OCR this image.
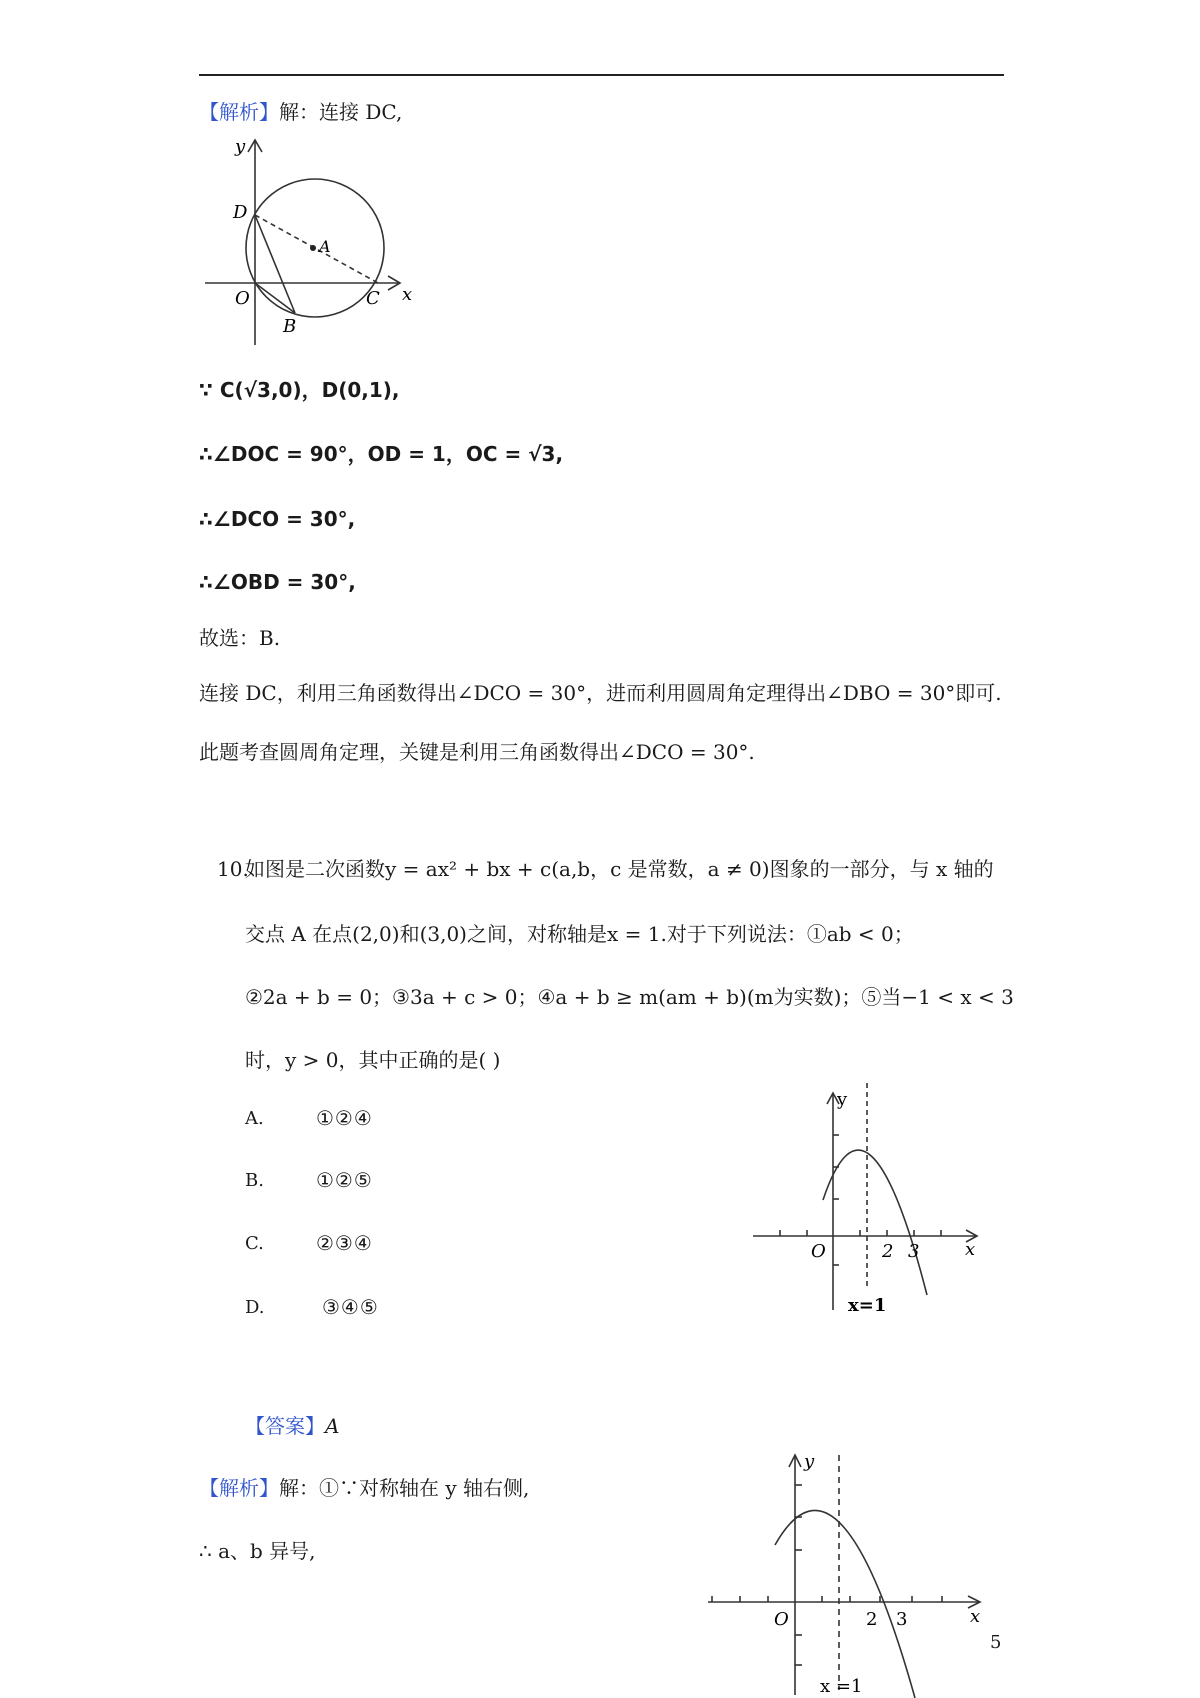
【解析】解：连接 DC,
y
D
A
O	C x
B
∵ C(√3,0)，D(0,1),
∴∠DOC = 90°，OD = 1，OC = √3,
∴∠DCO = 30°,
∴∠OBD = 30°,
故选：B.
连接 DC，利用三角函数得出∠DCO = 30°，进而利用圆周角定理得出∠DBO = 30°即可.
此题考查圆周角定理，关键是利用三角函数得出∠DCO = 30°.
10.
如图是二次函数y = ax² + bx + c(a,b，c 是常数，a ≠ 0)图象的一部分，与 x 轴的
交点 A 在点(2,0)和(3,0)之间，对称轴是x = 1.对于下列说法：①ab < 0；
②2a + b = 0；③3a + c > 0；④a + b ≥ m(am + b)(m为实数)；⑤当−1 < x < 3
时，y > 0，其中正确的是( )
A.	①②④
B.	①②⑤
C.	②③④
D.	③④⑤
y
O	2 3	x
x=1
【答案】A
【解析】解：①∵对称轴在 y 轴右侧,
∴ a、b 异号,
y
O	2 3	x
x =1
5
